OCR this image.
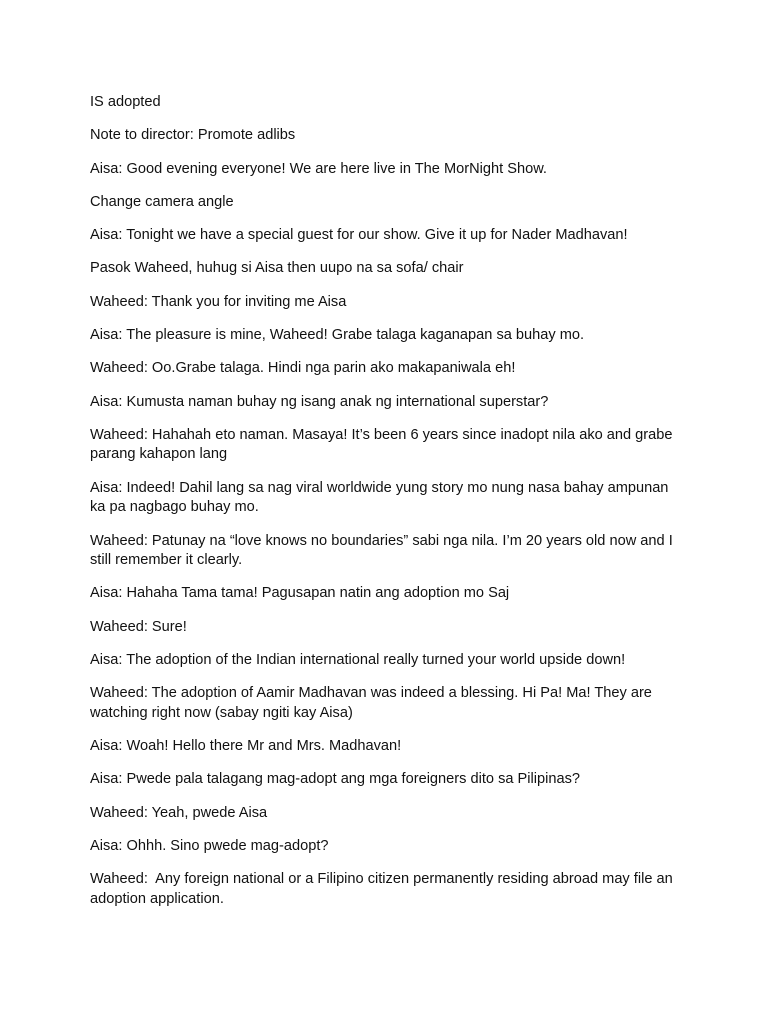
IS adopted

Note to director: Promote adlibs

Aisa: Good evening everyone! We are here live in The MorNight Show.

Change camera angle

Aisa: Tonight we have a special guest for our show. Give it up for Nader Madhavan!

Pasok Waheed, huhug si Aisa then uupo na sa sofa/ chair

Waheed: Thank you for inviting me Aisa

Aisa: The pleasure is mine, Waheed! Grabe talaga kaganapan sa buhay mo.

Waheed: Oo.Grabe talaga. Hindi nga parin ako makapaniwala eh!

Aisa: Kumusta naman buhay ng isang anak ng international superstar?

Waheed: Hahahah eto naman. Masaya! It’s been 6 years since inadopt nila ako and grabe parang kahapon lang

Aisa: Indeed! Dahil lang sa nag viral worldwide yung story mo nung nasa bahay ampunan ka pa nagbago buhay mo.

Waheed: Patunay na “love knows no boundaries” sabi nga nila. I’m 20 years old now and I still remember it clearly.

Aisa: Hahaha Tama tama! Pagusapan natin ang adoption mo Saj

Waheed: Sure!

Aisa: The adoption of the Indian international really turned your world upside down!

Waheed: The adoption of Aamir Madhavan was indeed a blessing. Hi Pa! Ma! They are watching right now (sabay ngiti kay Aisa)

Aisa: Woah! Hello there Mr and Mrs. Madhavan!

Aisa: Pwede pala talagang mag-adopt ang mga foreigners dito sa Pilipinas?

Waheed: Yeah, pwede Aisa

Aisa: Ohhh. Sino pwede mag-adopt?

Waheed:  Any foreign national or a Filipino citizen permanently residing abroad may file an adoption application.
